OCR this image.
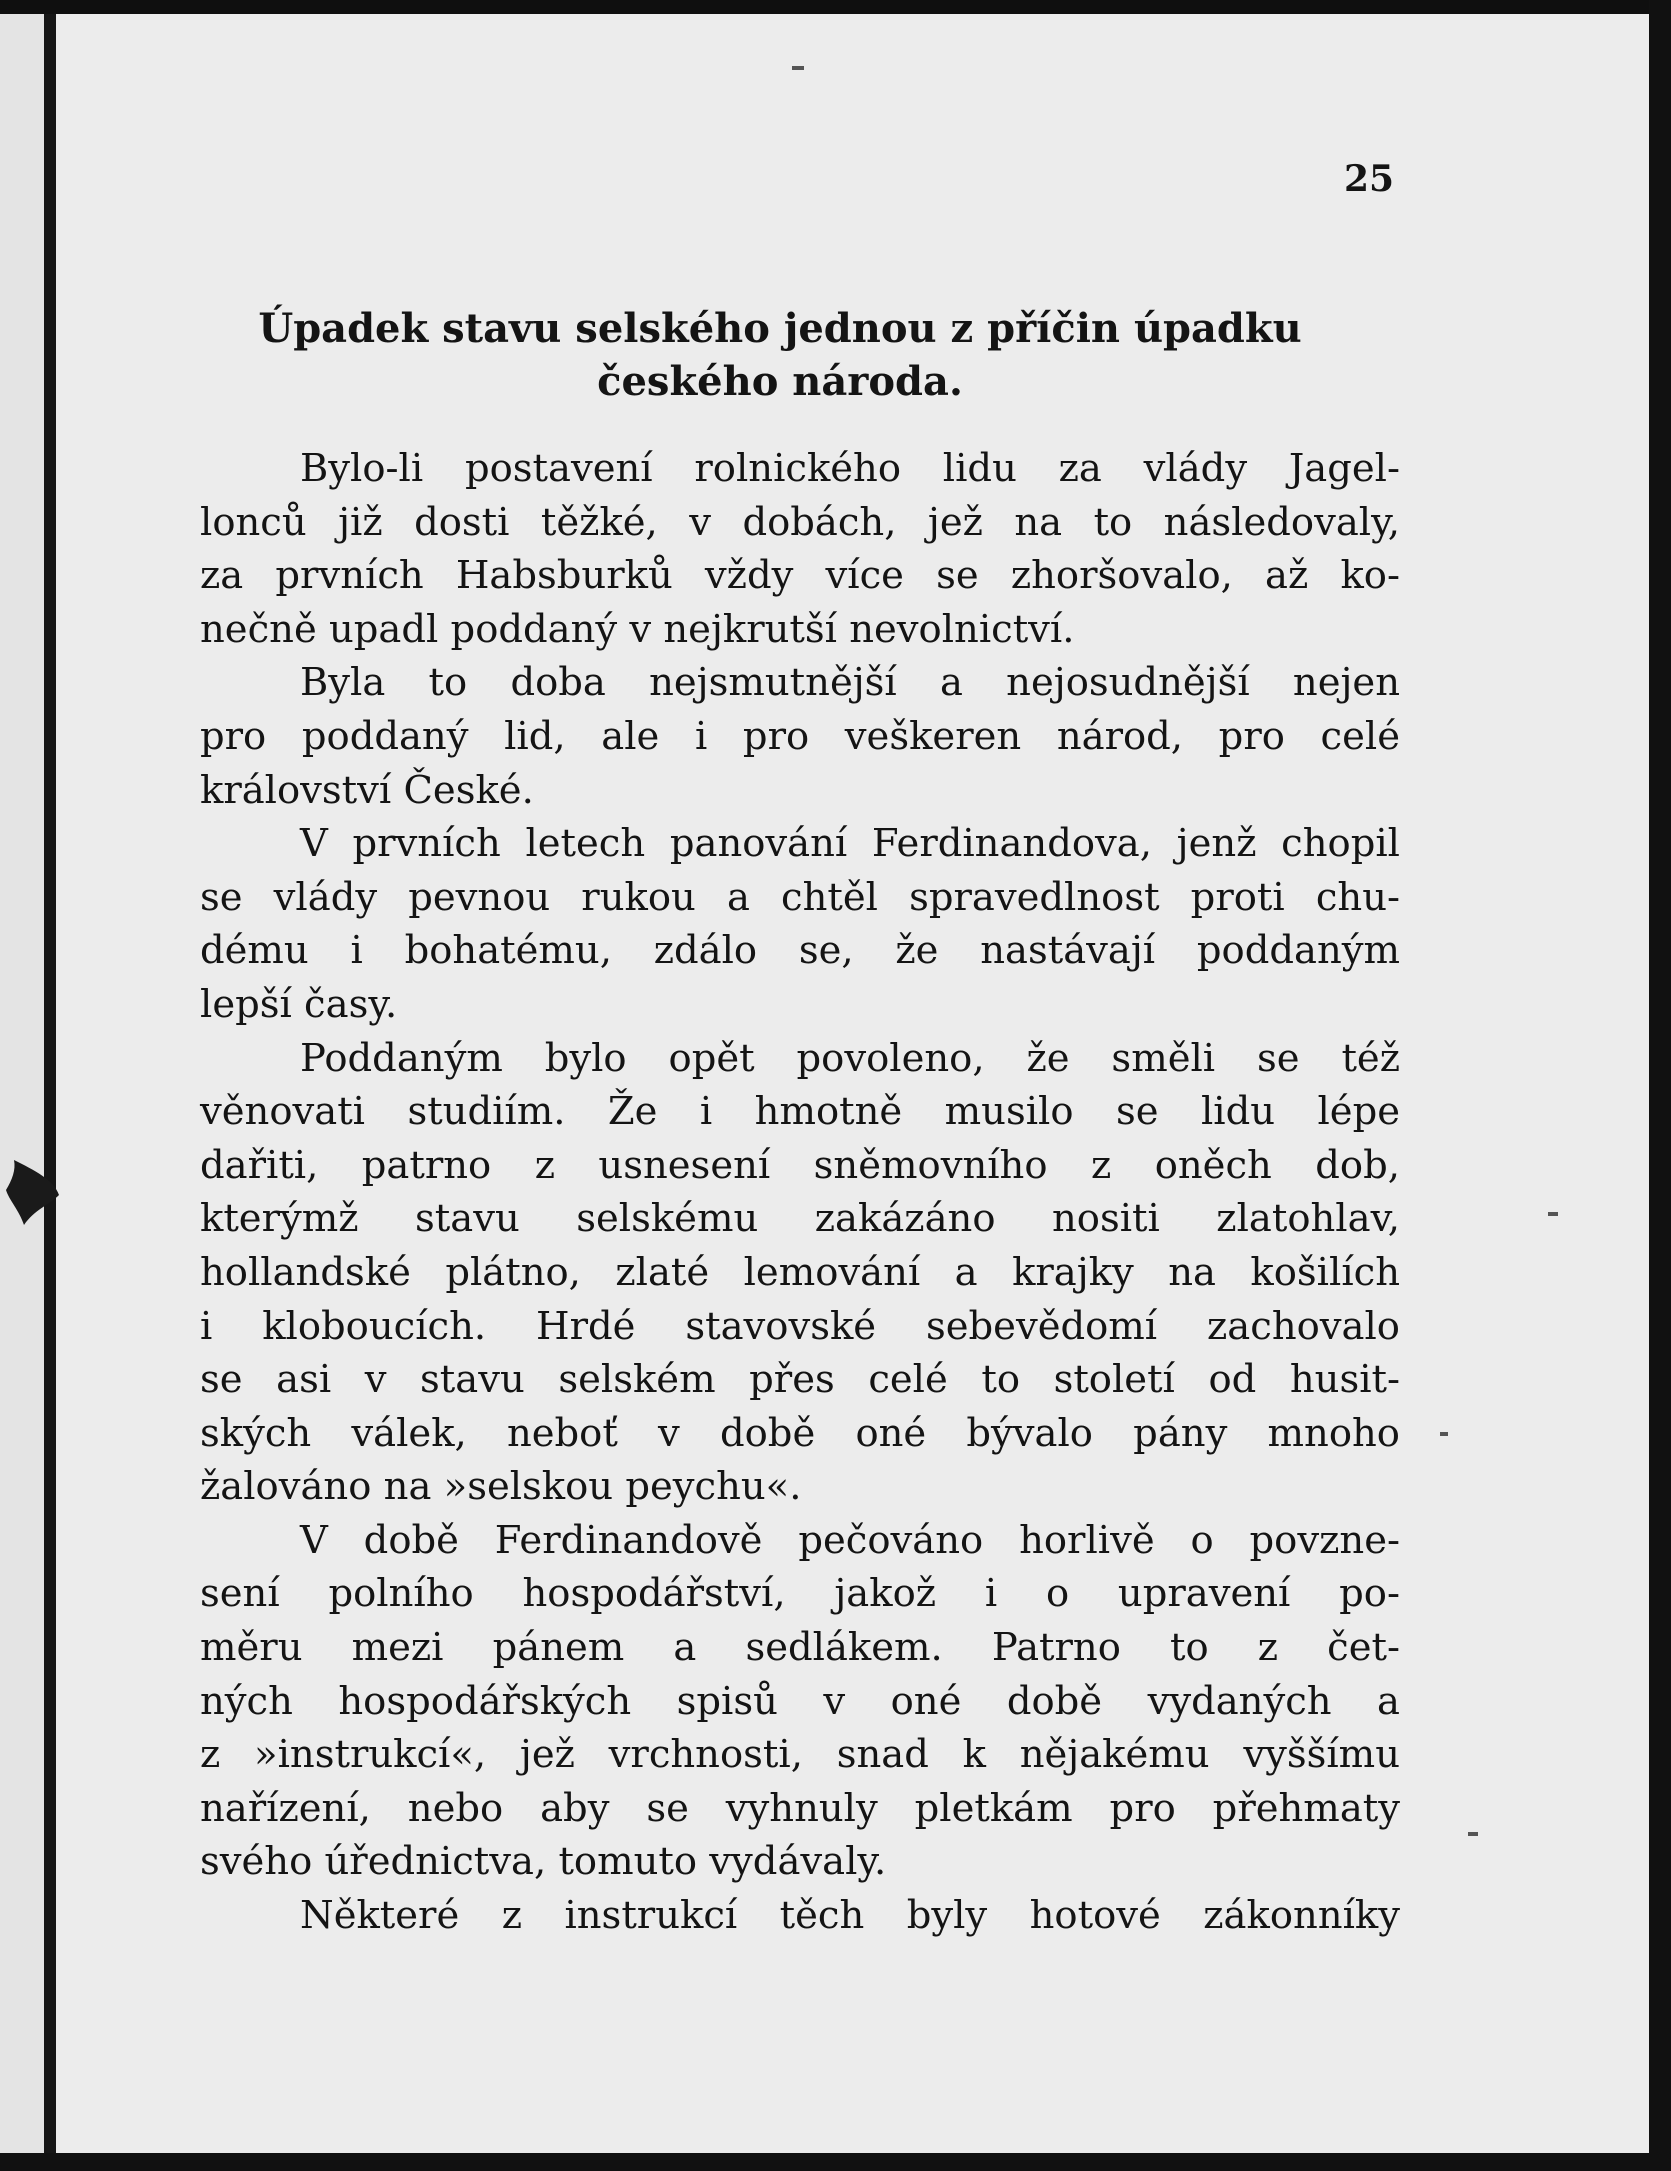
25
Úpadek stavu selského jednou z příčin úpadku
českého národa.
Bylo-li postavení rolnického lidu za vlády Jagel-
lonců již dosti těžké, v dobách, jež na to následovaly,
za prvních Habsburků vždy více se zhoršovalo, až ko-
nečně upadl poddaný v nejkrutší nevolnictví.
Byla to doba nejsmutnější a nejosudnější nejen
pro poddaný lid, ale i pro veškeren národ, pro celé
království České.
V prvních letech panování Ferdinandova, jenž chopil
se vlády pevnou rukou a chtěl spravedlnost proti chu-
dému i bohatému, zdálo se, že nastávají poddaným
lepší časy.
Poddaným bylo opět povoleno, že směli se též
věnovati studiím. Že i hmotně musilo se lidu lépe
dařiti, patrno z usnesení sněmovního z oněch dob,
kterýmž stavu selskému zakázáno nositi zlatohlav,
hollandské plátno, zlaté lemování a krajky na košilích
i kloboucích. Hrdé stavovské sebevědomí zachovalo
se asi v stavu selském přes celé to století od husit-
ských válek, neboť v době oné bývalo pány mnoho
žalováno na »selskou peychu«.
V době Ferdinandově pečováno horlivě o povzne-
sení polního hospodářství, jakož i o upravení po-
měru mezi pánem a sedlákem. Patrno to z čet-
ných hospodářských spisů v oné době vydaných a
z »instrukcí«, jež vrchnosti, snad k nějakému vyššímu
nařízení, nebo aby se vyhnuly pletkám pro přehmaty
svého úřednictva, tomuto vydávaly.
Některé z instrukcí těch byly hotové zákonníky
